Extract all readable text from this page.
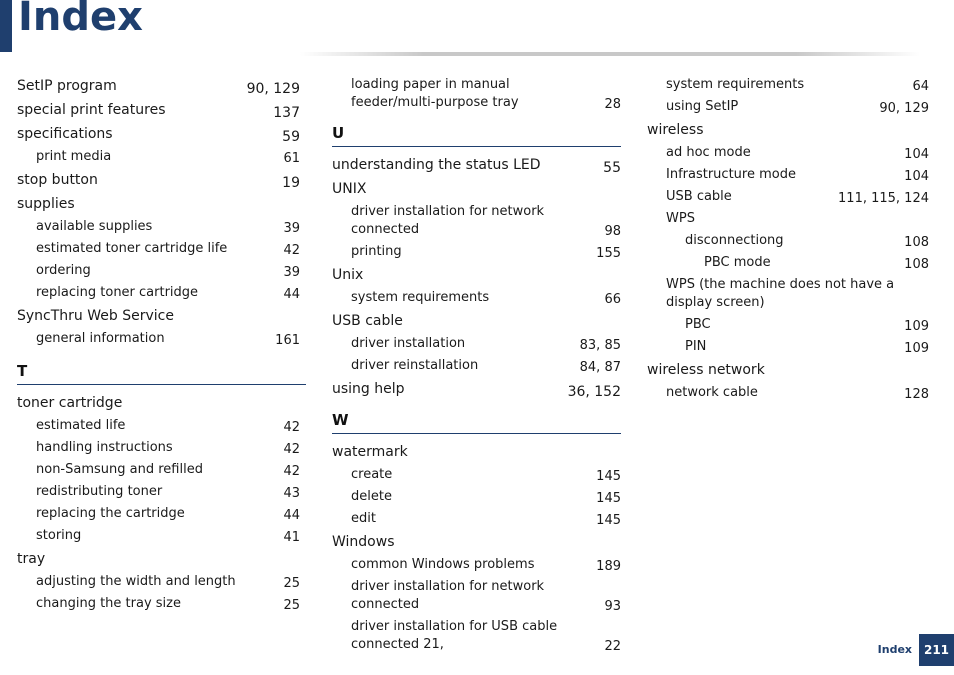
Index
SetIP program	90, 129
special print features	137
specifications	59
print media	61
stop button	19
supplies
available supplies	39
estimated toner cartridge life	42
ordering	39
replacing toner cartridge	44
SyncThru Web Service
general information	161
T
toner cartridge
estimated life	42
handling instructions	42
non-Samsung and refilled	42
redistributing toner	43
replacing the cartridge	44
storing	41
tray
adjusting the width and length	25
changing the tray size	25
loading paper in manual feeder/multi-purpose tray	28
U
understanding the status LED	55
UNIX
driver installation for network connected	98
printing	155
Unix
system requirements	66
USB cable
driver installation	83, 85
driver reinstallation	84, 87
using help	36, 152
W
watermark
create	145
delete	145
edit	145
Windows
common Windows problems	189
driver installation for network connected	93
driver installation for USB cable connected 21,	22
system requirements	64
using SetIP	90, 129
wireless
ad hoc mode	104
Infrastructure mode	104
USB cable	111, 115, 124
WPS
disconnectiong	108
PBC mode	108
WPS (the machine does not have a display screen)
PBC	109
PIN	109
wireless network
network cable	128
Index 211
